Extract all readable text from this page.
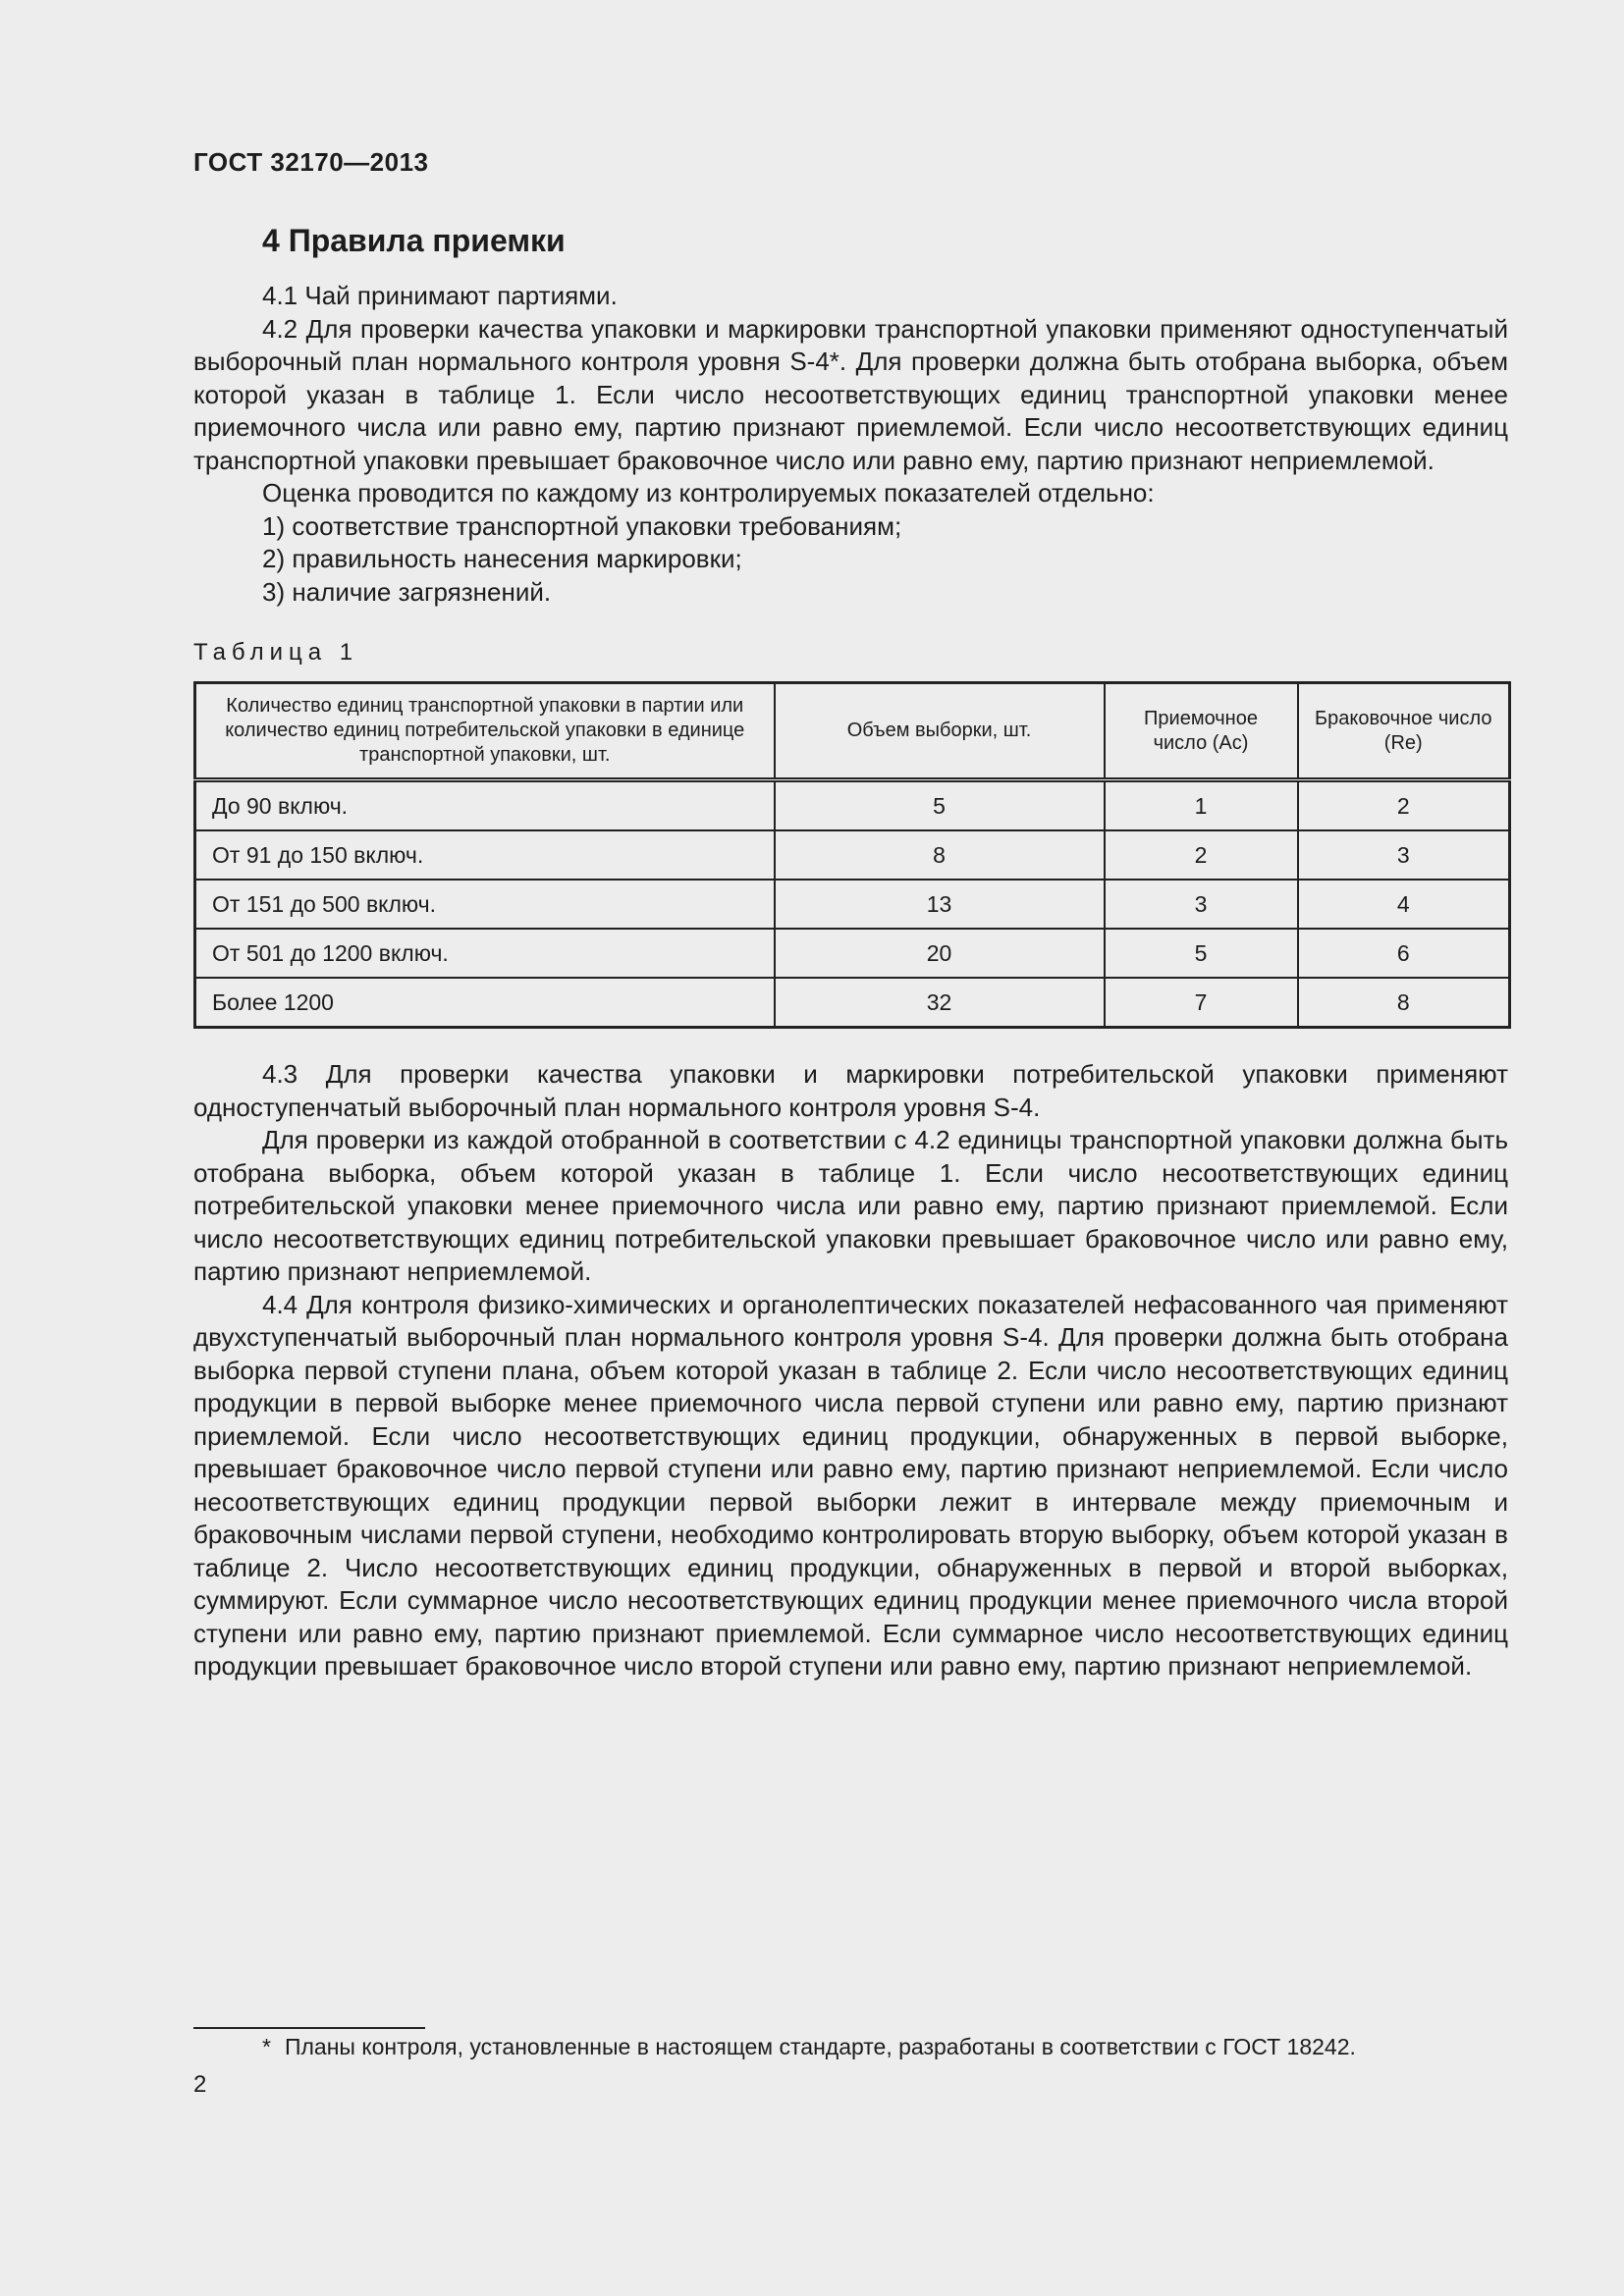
ГОСТ 32170—2013
4 Правила приемки

4.1 Чай принимают партиями.

4.2 Для проверки качества упаковки и маркировки транспортной упаковки применяют одноступенчатый выборочный план нормального контроля уровня S-4*. Для проверки должна быть отобрана выборка, объем которой указан в таблице 1. Если число несоответствующих единиц транспортной упаковки менее приемочного числа или равно ему, партию признают приемлемой. Если число несоответствующих единиц транспортной упаковки превышает браковочное число или равно ему, партию признают неприемлемой.

Оценка проводится по каждому из контролируемых показателей отдельно:

1) соответствие транспортной упаковки требованиям;

2) правильность нанесения маркировки;

3) наличие загрязнений.

Таблица 1
Количество единиц транспортной упаковки в партии или количество единиц потребительской упаковки в единице транспортной упаковки, шт.	Объем выборки, шт.	Приемочное число (Ас)	Браковочное число (Re)
До 90 включ.	5	1	2
От 91 до 150 включ.	8	2	3
От 151 до 500 включ.	13	3	4
От 501 до 1200 включ.	20	5	6
Более 1200	32	7	8

4.3 Для проверки качества упаковки и маркировки потребительской упаковки применяют одноступенчатый выборочный план нормального контроля уровня S-4.

Для проверки из каждой отобранной в соответствии с 4.2 единицы транспортной упаковки должна быть отобрана выборка, объем которой указан в таблице 1. Если число несоответствующих единиц потребительской упаковки менее приемочного числа или равно ему, партию признают приемлемой. Если число несоответствующих единиц потребительской упаковки превышает браковочное число или равно ему, партию признают неприемлемой.

4.4 Для контроля физико-химических и органолептических показателей нефасованного чая применяют двухступенчатый выборочный план нормального контроля уровня S-4. Для проверки должна быть отобрана выборка первой ступени плана, объем которой указан в таблице 2. Если число несоответствующих единиц продукции в первой выборке менее приемочного числа первой ступени или равно ему, партию признают приемлемой. Если число несоответствующих единиц продукции, обнаруженных в первой выборке, превышает браковочное число первой ступени или равно ему, партию признают неприемлемой. Если число несоответствующих единиц продукции первой выборки лежит в интервале между приемочным и браковочным числами первой ступени, необходимо контролировать вторую выборку, объем которой указан в таблице 2. Число несоответствующих единиц продукции, обнаруженных в первой и второй выборках, суммируют. Если суммарное число несоответствующих единиц продукции менее приемочного числа второй ступени или равно ему, партию признают приемлемой. Если суммарное число несоответствующих единиц продукции превышает браковочное число второй ступени или равно ему, партию признают неприемлемой.

* Планы контроля, установленные в настоящем стандарте, разработаны в соответствии с ГОСТ 18242.
2
